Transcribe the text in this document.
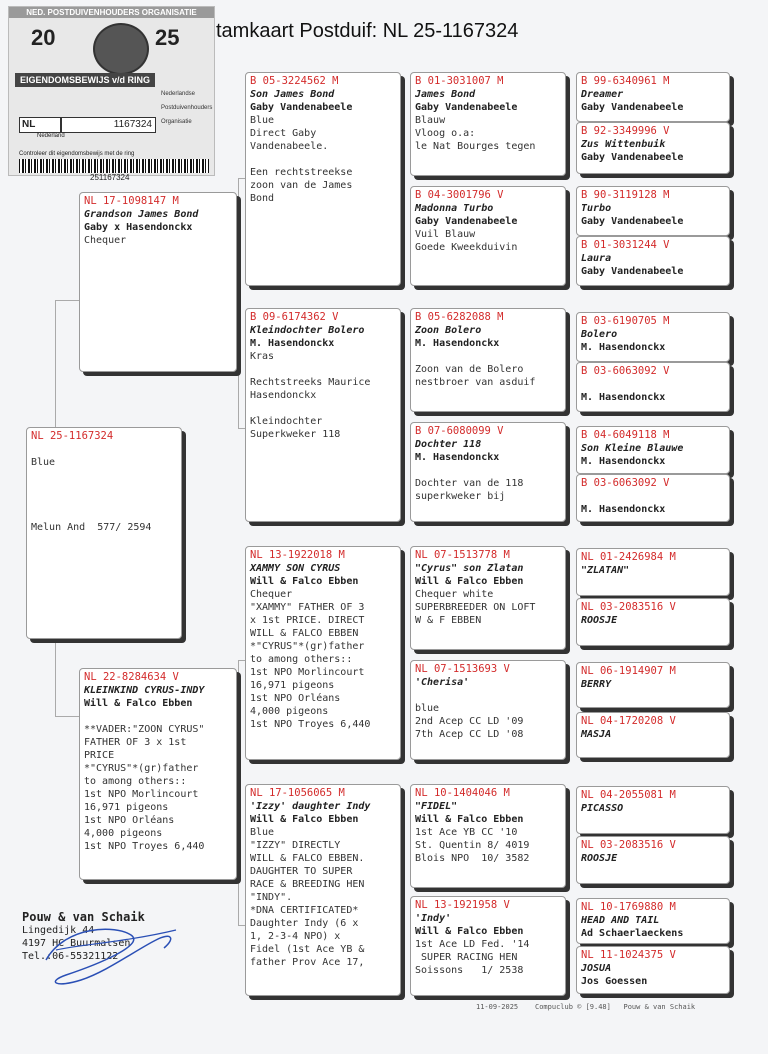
tamkaart Postduif: NL 25-1167324
NED. POSTDUIVENHOUDERS ORGANISATIE
20	25
EIGENDOMSBEWIJS v/d RING
Nederlandse
Postduivenhouders
Organisatie
NL	1167324
Nederland
Controleer dit eigendomsbewijs met de ring
251167324
NL 25-1167324

Blue

Melun And  577/ 2594
NL 17-1098147 M
Grandson James Bond
Gaby x Hasendonckx
Chequer
NL 22-8284634 V
KLEINKIND CYRUS-INDY
Will & Falco Ebben

**VADER:"ZOON CYRUS"
FATHER OF 3 x 1st
PRICE
*"CYRUS"*(gr)father
to among others::
1st NPO Morlincourt
16,971 pigeons
1st NPO Orléans
4,000 pigeons
1st NPO Troyes 6,440
B 05-3224562 M
Son James Bond
Gaby Vandenabeele
Blue
Direct Gaby
Vandenabeele.

Een rechtstreekse
zoon van de James
Bond
B 09-6174362 V
Kleindochter Bolero
M. Hasendonckx
Kras

Rechtstreeks Maurice
Hasendonckx

Kleindochter
Superkweker 118
NL 13-1922018 M
XAMMY SON CYRUS
Will & Falco Ebben
Chequer
"XAMMY" FATHER OF 3
x 1st PRICE. DIRECT
WILL & FALCO EBBEN
*"CYRUS"*(gr)father
to among others::
1st NPO Morlincourt
16,971 pigeons
1st NPO Orléans
4,000 pigeons
1st NPO Troyes 6,440
NL 17-1056065 M
'Izzy' daughter Indy
Will & Falco Ebben
Blue
"IZZY" DIRECTLY
WILL & FALCO EBBEN.
DAUGHTER TO SUPER
RACE & BREEDING HEN
"INDY".
*DNA CERTIFICATED*
Daughter Indy (6 x
1, 2-3-4 NPO) x
Fidel (1st Ace YB &
father Prov Ace 17,
B 01-3031007 M
James Bond
Gaby Vandenabeele
Blauw
Vloog o.a:
le Nat Bourges tegen
B 04-3001796 V
Madonna Turbo
Gaby Vandenabeele
Vuil Blauw
Goede Kweekduivin
B 05-6282088 M
Zoon Bolero
M. Hasendonckx

Zoon van de Bolero
nestbroer van asduif
B 07-6080099 V
Dochter 118
M. Hasendonckx

Dochter van de 118
superkweker bij
NL 07-1513778 M
"Cyrus" son Zlatan
Will & Falco Ebben
Chequer white
SUPERBREEDER ON LOFT
W & F EBBEN
NL 07-1513693 V
'Cherisa'

blue
2nd Acep CC LD '09
7th Acep CC LD '08
NL 10-1404046 M
"FIDEL"
Will & Falco Ebben
1st Ace YB CC '10
St. Quentin 8/ 4019
Blois NPO  10/ 3582
NL 13-1921958 V
'Indy'
Will & Falco Ebben
1st Ace LD Fed. '14
SUPER RACING HEN
Soissons   1/ 2538
B 99-6340961 M
Dreamer
Gaby Vandenabeele
B 92-3349996 V
Zus Wittenbuik
Gaby Vandenabeele
B 90-3119128 M
Turbo
Gaby Vandenabeele
B 01-3031244 V
Laura
Gaby Vandenabeele
B 03-6190705 M
Bolero
M. Hasendonckx
B 03-6063092 V
M. Hasendonckx
B 04-6049118 M
Son Kleine Blauwe
M. Hasendonckx
B 03-6063092 V
M. Hasendonckx
NL 01-2426984 M
"ZLATAN"
NL 03-2083516 V
ROOSJE
NL 06-1914907 M
BERRY
NL 04-1720208 V
MASJA
NL 04-2055081 M
PICASSO
NL 03-2083516 V
ROOSJE
NL 10-1769880 M
HEAD AND TAIL
Ad Schaerlaeckens
NL 11-1024375 V
JOSUA
Jos Goessen
Pouw & van Schaik
Lingedijk 44
4197 HC Buurmalsen
Tel.:06-55321122
11-09-2025    Compuclub © [9.48]   Pouw & van Schaik
